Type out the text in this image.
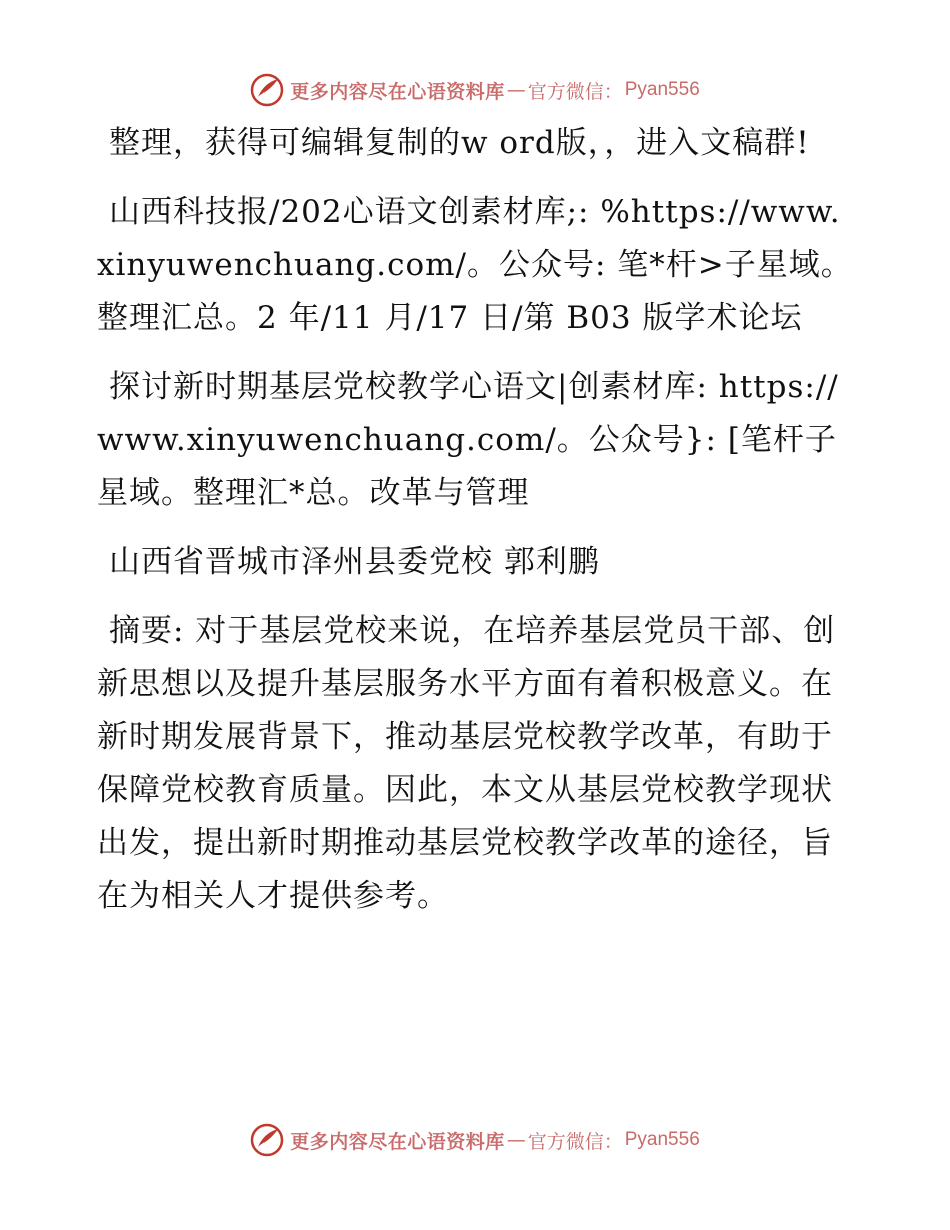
更多内容尽在心语资料库 — 官方微信： Pyan556

整理，获得可编辑复制的w ord版，，进入文稿群!

山西科技报/202心语文创素材库;: %https://www.xinyuwenchuang.com/。公众号: 笔*杆>子星域。整理汇总。2 年/11 月/17 日/第 B03 版学术论坛

探讨新时期基层党校教学心语文|创素材库: https://www.xinyuwenchuang.com/。公众号}: [笔杆子星域。整理汇*总。改革与管理

山西省晋城市泽州县委党校 郭利鹏

摘要: 对于基层党校来说，在培养基层党员干部、创新思想以及提升基层服务水平方面有着积极意义。在新时期发展背景下，推动基层党校教学改革，有助于保障党校教育质量。因此，本文从基层党校教学现状出发，提出新时期推动基层党校教学改革的途径，旨在为相关人才提供参考。

更多内容尽在心语资料库 — 官方微信： Pyan556
